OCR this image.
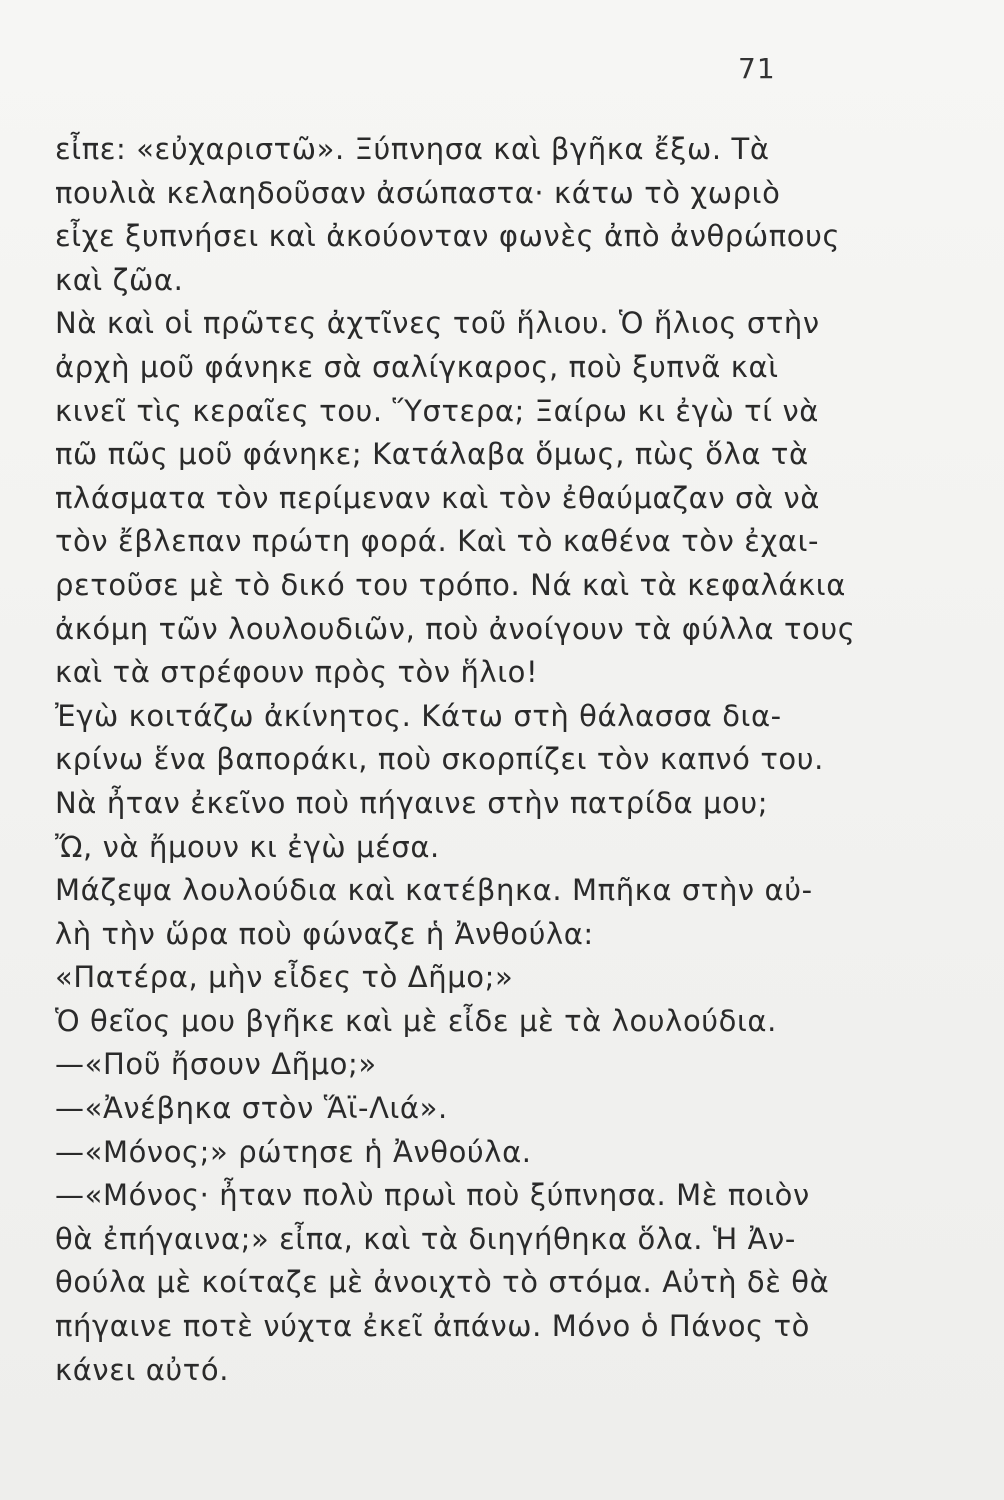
71
εἶπε: «εὐχαριστῶ». Ξύπνησα καὶ βγῆκα ἔξω. Τὰ
πουλιὰ κελαηδοῦσαν ἀσώπαστα· κάτω τὸ χωριὸ
εἶχε ξυπνήσει καὶ ἀκούονταν φωνὲς ἀπὸ ἀνθρώπους
καὶ ζῶα.
Νὰ καὶ οἱ πρῶτες ἀχτῖνες τοῦ ἥλιου. Ὁ ἥλιος στὴν
ἀρχὴ μοῦ φάνηκε σὰ σαλίγκαρος, ποὺ ξυπνᾶ καὶ
κινεῖ τὶς κεραῖες του. Ὕστερα; Ξαίρω κι ἐγὼ τί νὰ
πῶ πῶς μοῦ φάνηκε; Κατάλαβα ὅμως, πὼς ὅλα τὰ
πλάσματα τὸν περίμεναν καὶ τὸν ἐθαύμαζαν σὰ νὰ
τὸν ἔβλεπαν πρώτη φορά. Καὶ τὸ καθένα τὸν ἐχαι-
ρετοῦσε μὲ τὸ δικό του τρόπο. Νά καὶ τὰ κεφαλάκια
ἀκόμη τῶν λουλουδιῶν, ποὺ ἀνοίγουν τὰ φύλλα τους
καὶ τὰ στρέφουν πρὸς τὸν ἥλιο!
Ἐγὼ κοιτάζω ἀκίνητος. Κάτω στὴ θάλασσα δια-
κρίνω ἕνα βαποράκι, ποὺ σκορπίζει τὸν καπνό του.
Νὰ ἦταν ἐκεῖνο ποὺ πήγαινε στὴν πατρίδα μου;
Ὤ, νὰ ἤμουν κι ἐγὼ μέσα.
Μάζεψα λουλούδια καὶ κατέβηκα. Μπῆκα στὴν αὐ-
λὴ τὴν ὥρα ποὺ φώναζε ἡ Ἀνθούλα:
«Πατέρα, μὴν εἶδες τὸ Δῆμο;»
Ὁ θεῖος μου βγῆκε καὶ μὲ εἶδε μὲ τὰ λουλούδια.
—«Ποῦ ἤσουν Δῆμο;»
—«Ἀνέβηκα στὸν Ἅϊ-Λιά».
—«Μόνος;» ρώτησε ἡ Ἀνθούλα.
—«Μόνος· ἦταν πολὺ πρωὶ ποὺ ξύπνησα. Μὲ ποιὸν
θὰ ἐπήγαινα;» εἶπα, καὶ τὰ διηγήθηκα ὅλα. Ἡ Ἀν-
θούλα μὲ κοίταζε μὲ ἀνοιχτὸ τὸ στόμα. Αὐτὴ δὲ θὰ
πήγαινε ποτὲ νύχτα ἐκεῖ ἀπάνω. Μόνο ὁ Πάνος τὸ
κάνει αὐτό.
